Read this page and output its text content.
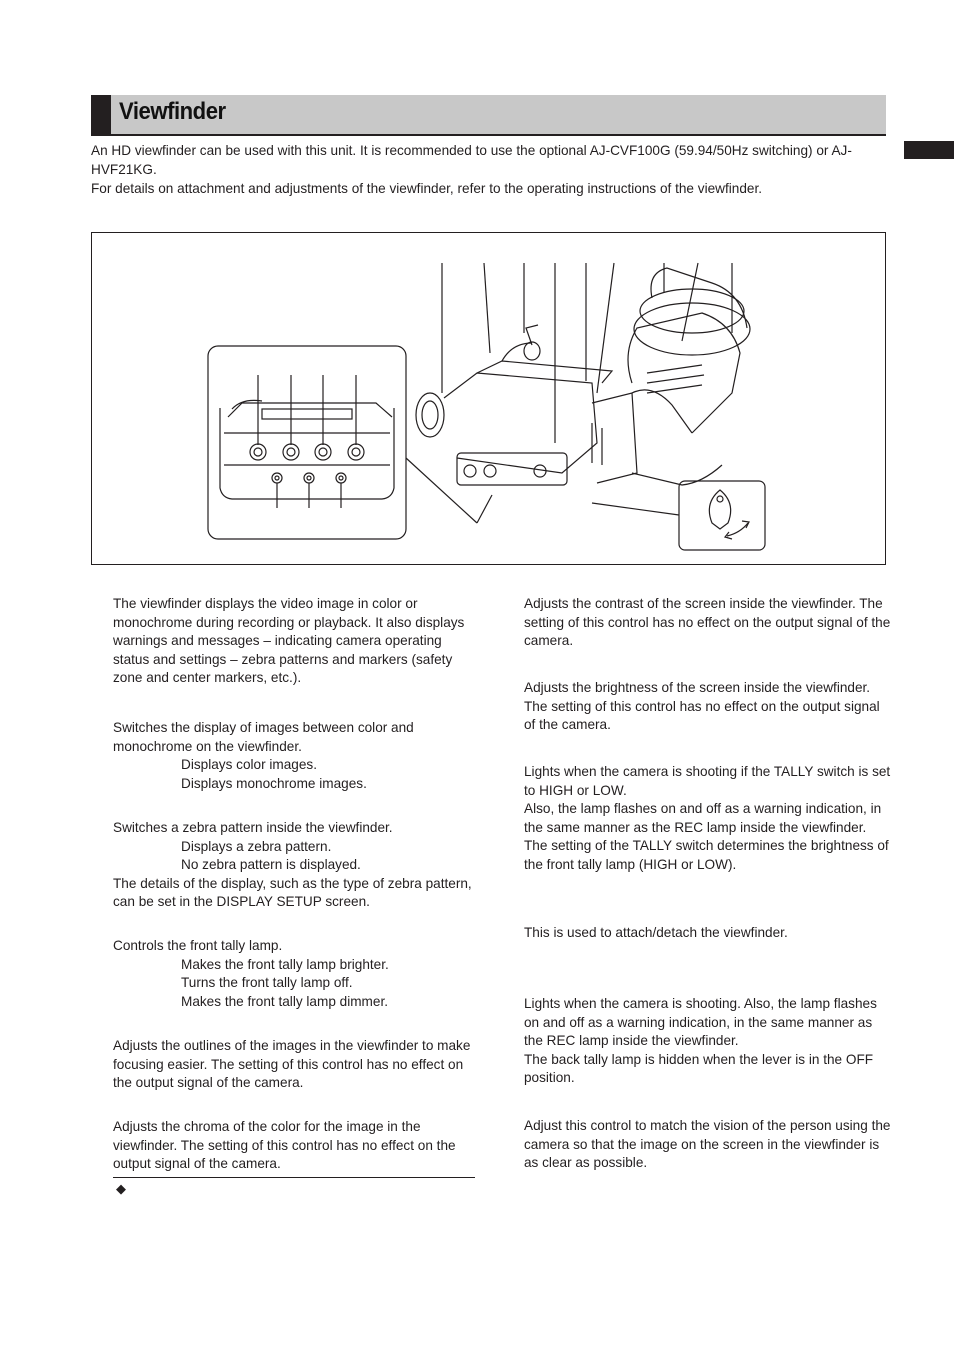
Viewfinder

An HD viewfinder can be used with this unit. It is recommended to use the optional AJ-CVF100G (59.94/50Hz switching) or AJ-HVF21KG.

For details on attachment and adjustments of the viewfinder, refer to the operating instructions of the viewfinder.

The viewfinder displays the video image in color or monochrome during recording or playback. It also displays warnings and messages – indicating camera operating status and settings – zebra patterns and markers (safety zone and center markers, etc.).

Switches the display of images between color and monochrome on the viewfinder.

Displays color images.

Displays monochrome images.

Switches a zebra pattern inside the viewfinder.

Displays a zebra pattern.

No zebra pattern is displayed.

The details of the display, such as the type of zebra pattern, can be set in the DISPLAY SETUP screen.

Controls the front tally lamp.

Makes the front tally lamp brighter.

Turns the front tally lamp off.

Makes the front tally lamp dimmer.

Adjusts the outlines of the images in the viewfinder to make focusing easier. The setting of this control has no effect on the output signal of the camera.

Adjusts the chroma of the color for the image in the viewfinder. The setting of this control has no effect on the output signal of the camera.

◆

Adjusts the contrast of the screen inside the viewfinder. The setting of this control has no effect on the output signal of the camera.

Adjusts the brightness of the screen inside the viewfinder. The setting of this control has no effect on the output signal of the camera.

Lights when the camera is shooting if the TALLY switch is set to HIGH or LOW.

Also, the lamp flashes on and off as a warning indication, in the same manner as the REC lamp inside the viewfinder.

The setting of the TALLY switch determines the brightness of the front tally lamp (HIGH or LOW).

This is used to attach/detach the viewfinder.

Lights when the camera is shooting. Also, the lamp flashes on and off as a warning indication, in the same manner as the REC lamp inside the viewfinder.

The back tally lamp is hidden when the lever is in the OFF position.

Adjust this control to match the vision of the person using the camera so that the image on the screen in the viewfinder is as clear as possible.
